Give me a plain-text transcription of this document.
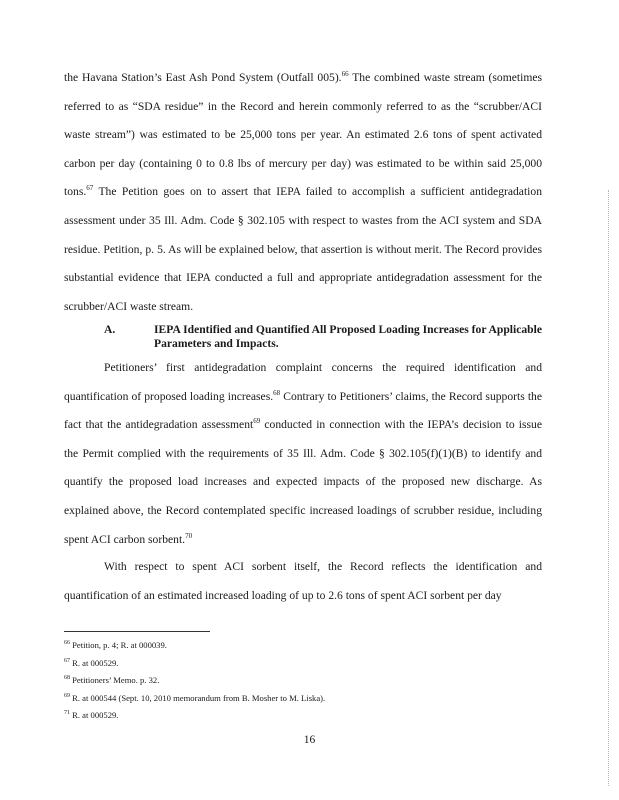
the Havana Station’s East Ash Pond System (Outfall 005).$^{66}$ The combined waste stream (sometimes referred to as “SDA residue” in the Record and herein commonly referred to as the “scrubber/ACI waste stream”) was estimated to be 25,000 tons per year. An estimated 2.6 tons of spent activated carbon per day (containing 0 to 0.8 lbs of mercury per day) was estimated to be within said 25,000 tons.$^{67}$ The Petition goes on to assert that IEPA failed to accomplish a sufficient antidegradation assessment under 35 Ill. Adm. Code § 302.105 with respect to wastes from the ACI system and SDA residue. Petition, p. 5. As will be explained below, that assertion is without merit. The Record provides substantial evidence that IEPA conducted a full and appropriate antidegradation assessment for the scrubber/ACI waste stream.

A.	IEPA Identified and Quantified All Proposed Loading Increases for Applicable Parameters and Impacts.

Petitioners’ first antidegradation complaint concerns the required identification and quantification of proposed loading increases.$^{68}$ Contrary to Petitioners’ claims, the Record supports the fact that the antidegradation assessment$^{69}$ conducted in connection with the IEPA’s decision to issue the Permit complied with the requirements of 35 Ill. Adm. Code § 302.105(f)(1)(B) to identify and quantify the proposed load increases and expected impacts of the proposed new discharge. As explained above, the Record contemplated specific increased loadings of scrubber residue, including spent ACI carbon sorbent.$^{70}$

With respect to spent ACI sorbent itself, the Record reflects the identification and quantification of an estimated increased loading of up to 2.6 tons of spent ACI sorbent per day

$^{66}$ Petition, p. 4; R. at 000039.
$^{67}$ R. at 000529.
$^{68}$ Petitioners’ Memo. p. 32.
$^{69}$ R. at 000544 (Sept. 10, 2010 memorandum from B. Mosher to M. Liska).
$^{71}$ R. at 000529.
16
